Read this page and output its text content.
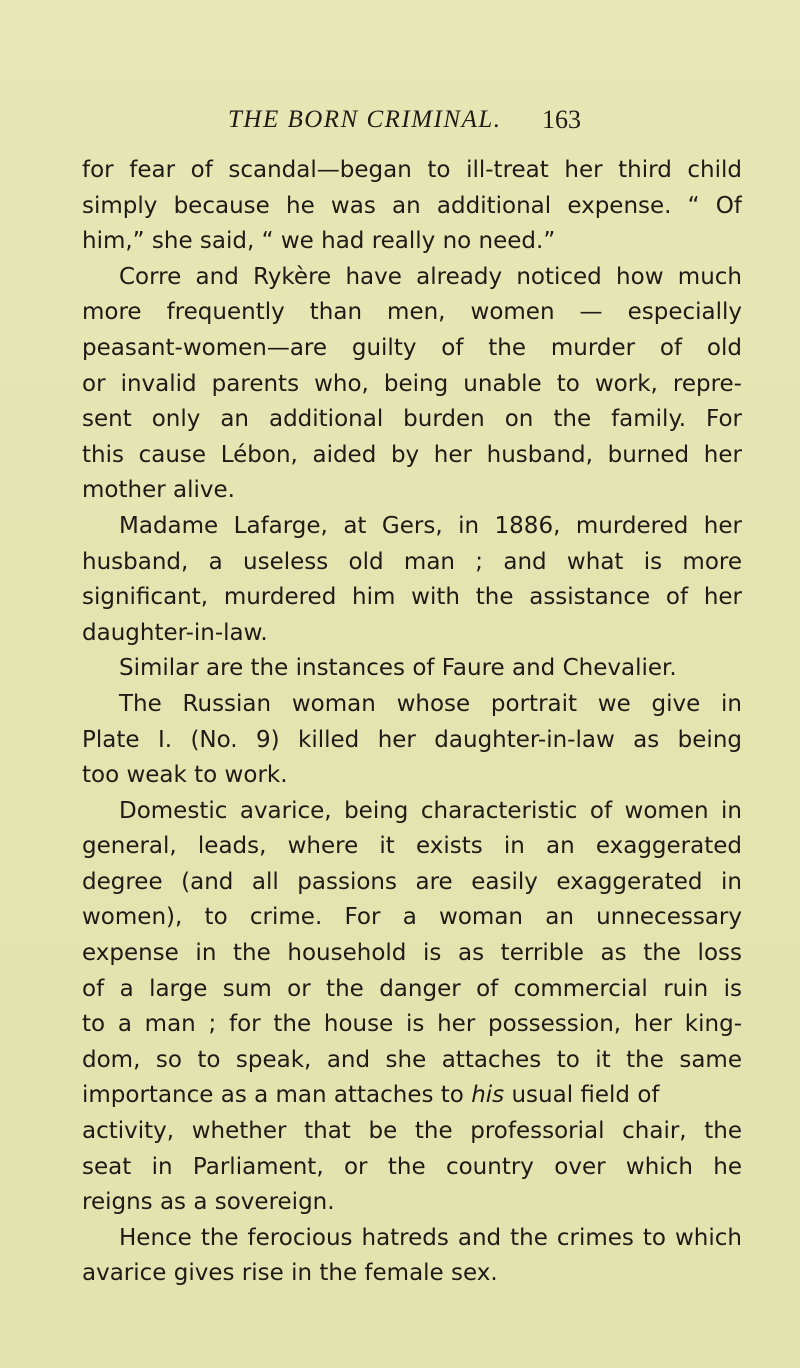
THE BORN CRIMINAL. 163
for fear of scandal—began to ill-treat her third child
simply because he was an additional expense. “ Of
him,” she said, “ we had really no need.”
Corre and Rykère have already noticed how much
more frequently than men, women — especially
peasant-women—are guilty of the murder of old
or invalid parents who, being unable to work, repre-
sent only an additional burden on the family. For
this cause Lébon, aided by her husband, burned her
mother alive.
Madame Lafarge, at Gers, in 1886, murdered her
husband, a useless old man ; and what is more
significant, murdered him with the assistance of her
daughter-in-law.
Similar are the instances of Faure and Chevalier.
The Russian woman whose portrait we give in
Plate I. (No. 9) killed her daughter-in-law as being
too weak to work.
Domestic avarice, being characteristic of women in
general, leads, where it exists in an exaggerated
degree (and all passions are easily exaggerated in
women), to crime. For a woman an unnecessary
expense in the household is as terrible as the loss
of a large sum or the danger of commercial ruin is
to a man ; for the house is her possession, her king-
dom, so to speak, and she attaches to it the same
importance as a man attaches to his usual field of
activity, whether that be the professorial chair, the
seat in Parliament, or the country over which he
reigns as a sovereign.
Hence the ferocious hatreds and the crimes to which
avarice gives rise in the female sex.
